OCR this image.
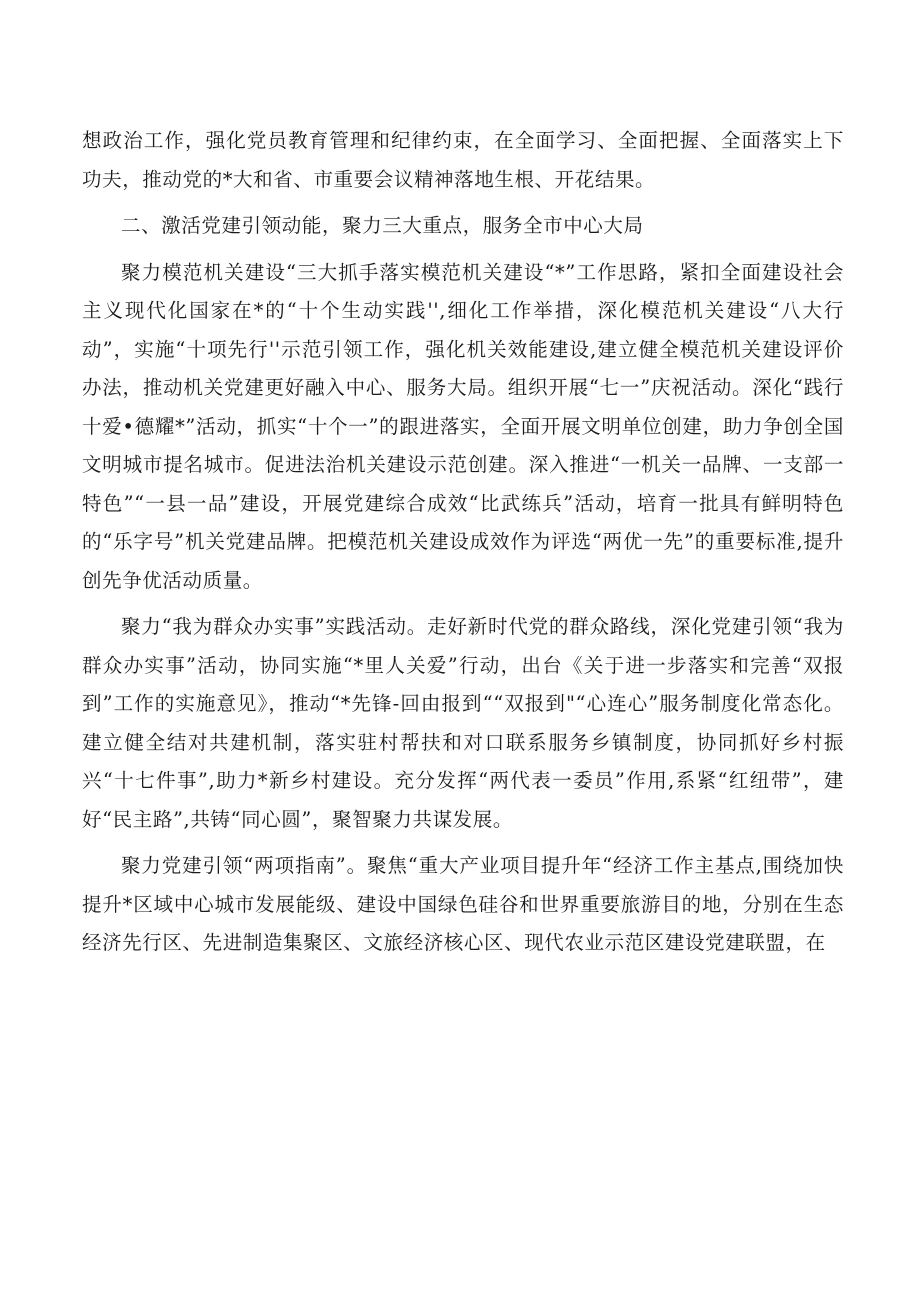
想政治工作，强化党员教育管理和纪律约束，在全面学习、全面把握、全面落实上下功夫，推动党的*大和省、市重要会议精神落地生根、开花结果。

二、激活党建引领动能，聚力三大重点，服务全市中心大局

聚力模范机关建设“三大抓手落实模范机关建设“*”工作思路，紧扣全面建设社会主义现代化国家在*的“十个生动实践'',细化工作举措，深化模范机关建设“八大行动”，实施“十项先行''示范引领工作，强化机关效能建设,建立健全模范机关建设评价办法，推动机关党建更好融入中心、服务大局。组织开展“七一”庆祝活动。深化“践行十爱•德耀*”活动，抓实“十个一”的跟进落实，全面开展文明单位创建，助力争创全国文明城市提名城市。促进法治机关建设示范创建。深入推进“一机关一品牌、一支部一特色”“一县一品”建设，开展党建综合成效“比武练兵”活动，培育一批具有鲜明特色的“乐字号”机关党建品牌。把模范机关建设成效作为评选“两优一先”的重要标准,提升创先争优活动质量。

聚力“我为群众办实事”实践活动。走好新时代党的群众路线，深化党建引领“我为群众办实事”活动，协同实施“*里人关爱”行动，出台《关于进一步落实和完善“双报到”工作的实施意见》，推动“*先锋-回由报到““双报到"“心连心”服务制度化常态化。建立健全结对共建机制，落实驻村帮扶和对口联系服务乡镇制度，协同抓好乡村振兴“十七件事”,助力*新乡村建设。充分发挥“两代表一委员”作用,系紧“红纽带”，建好“民主路”,共铸“同心圆”，聚智聚力共谋发展。

聚力党建引领“两项指南”。聚焦“重大产业项目提升年“经济工作主基点,围绕加快提升*区域中心城市发展能级、建设中国绿色硅谷和世界重要旅游目的地，分别在生态经济先行区、先进制造集聚区、文旅经济核心区、现代农业示范区建设党建联盟，在
